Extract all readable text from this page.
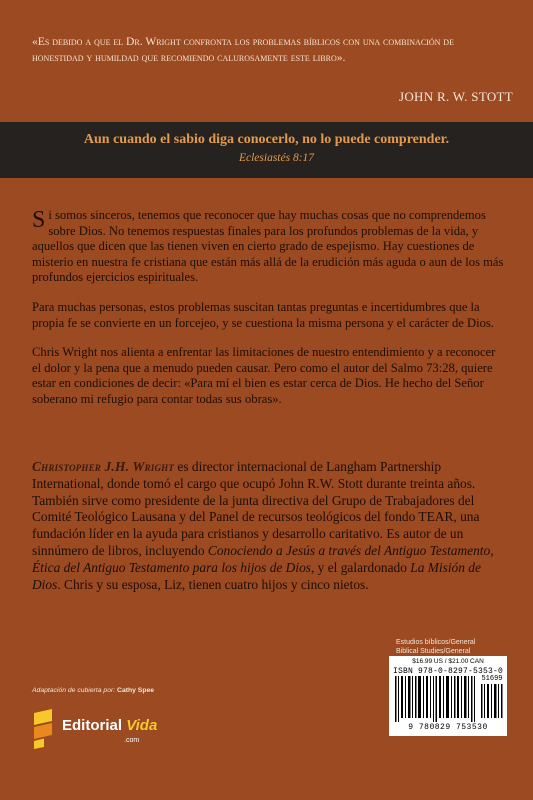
«Es debido a que el Dr. Wright confronta los problemas bíblicos con una combinación de honestidad y humildad que recomiendo calurosamente este libro».
JOHN R. W. STOTT
Aun cuando el sabio diga conocerlo, no lo puede comprender.
Eclesiastés 8:17

Si somos sinceros, tenemos que reconocer que hay muchas cosas que no comprendemos sobre Dios. No tenemos respuestas finales para los profundos problemas de la vida, y aquellos que dicen que las tienen viven en cierto grado de espejismo. Hay cuestiones de misterio en nuestra fe cristiana que están más allá de la erudición más aguda o aun de los más profundos ejercicios espirituales.

Para muchas personas, estos problemas suscitan tantas preguntas e incertidumbres que la propia fe se convierte en un forcejeo, y se cuestiona la misma persona y el carácter de Dios.

Chris Wright nos alienta a enfrentar las limitaciones de nuestro entendimiento y a reconocer el dolor y la pena que a menudo pueden causar. Pero como el autor del Salmo 73:28, quiere estar en condiciones de decir: «Para mí el bien es estar cerca de Dios. He hecho del Señor soberano mi refugio para contar todas sus obras».

Christopher J.H. Wright es director internacional de Langham Partnership International, donde tomó el cargo que ocupó John R.W. Stott durante treinta años. También sirve como presidente de la junta directiva del Grupo de Trabajadores del Comité Teológico Lausana y del Panel de recursos teológicos del fondo TEAR, una fundación líder en la ayuda para cristianos y desarrollo caritativo. Es autor de un sinnúmero de libros, incluyendo Conociendo a Jesús a través del Antiguo Testamento, Ética del Antiguo Testamento para los hijos de Dios, y el galardonado La Misión de Dios. Chris y su esposa, Liz, tienen cuatro hijos y cinco nietos.
Estudios bíblicos/General
Biblical Studies/General
$16.99 US / $21.00 CAN
ISBN 978-0-8297-5353-0
51699
9 780829 753530
Adaptación de cubierta por: Cathy Spee
Editorial Vida
.com
